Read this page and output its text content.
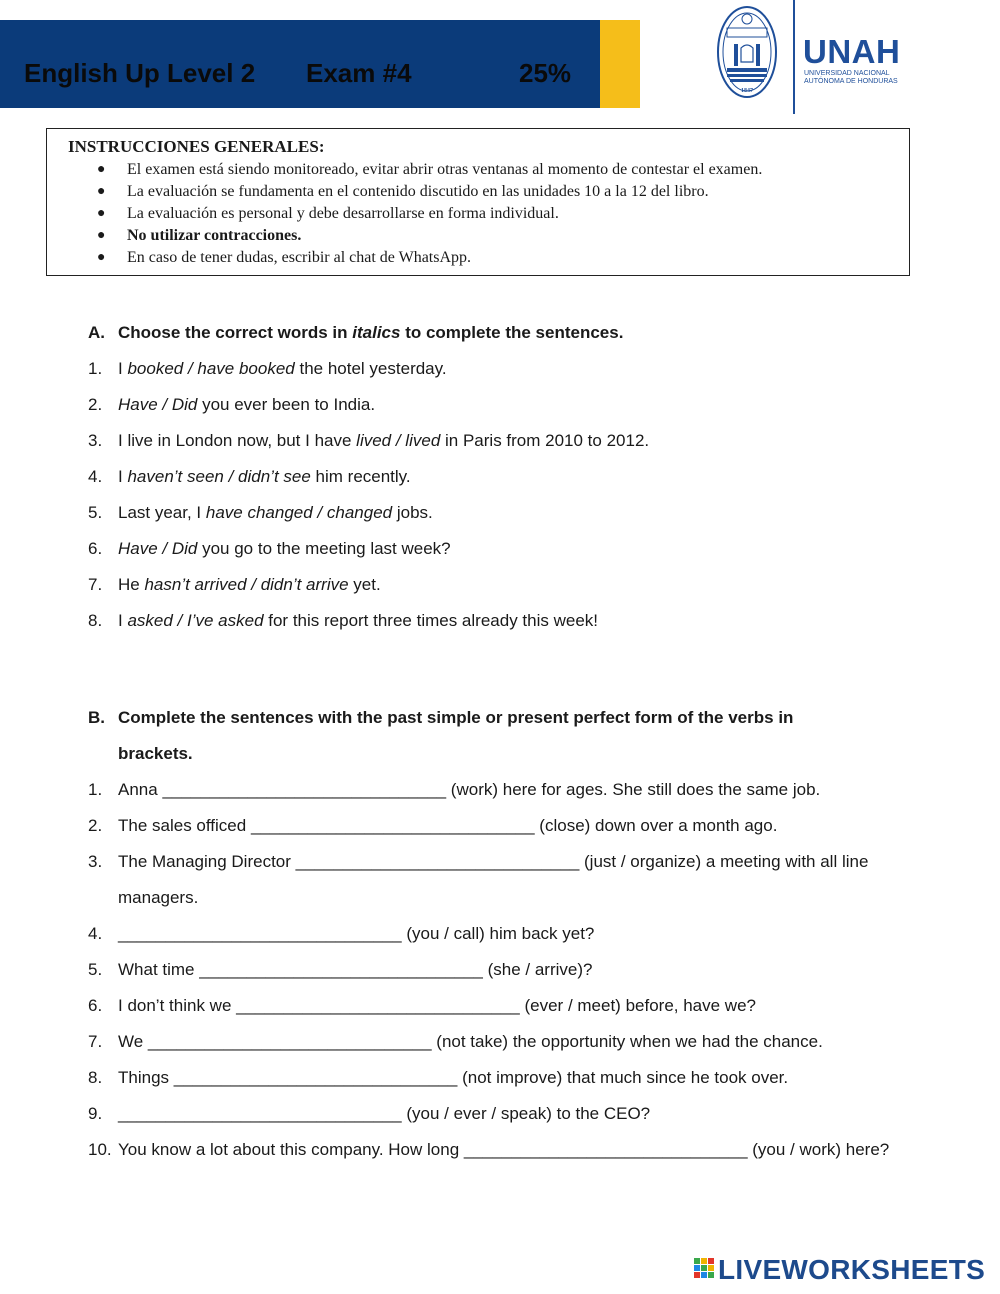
English Up Level 2 Exam #4	25%
1847
UNAH
UNIVERSIDAD NACIONAL
AUTÓNOMA DE HONDURAS
INSTRUCCIONES GENERALES:
● El examen está siendo monitoreado, evitar abrir otras ventanas al momento de contestar el examen.
● La evaluación se fundamenta en el contenido discutido en las unidades 10 a la 12 del libro.
● La evaluación es personal y debe desarrollarse en forma individual.
● No utilizar contracciones.
● En caso de tener dudas, escribir al chat de WhatsApp.
A. Choose the correct words in italics to complete the sentences.
1. I booked / have booked the hotel yesterday.
2. Have / Did you ever been to India.
3. I live in London now, but I have lived / lived in Paris from 2010 to 2012.
4. I haven’t seen / didn’t see him recently.
5. Last year, I have changed / changed jobs.
6. Have / Did you go to the meeting last week?
7. He hasn’t arrived / didn’t arrive yet.
8. I asked / I’ve asked for this report three times already this week!
B. Complete the sentences with the past simple or present perfect form of the verbs in
brackets.
1. Anna ______________________________ (work) here for ages. She still does the same job.
2. The sales officed ______________________________ (close) down over a month ago.
3. The Managing Director ______________________________ (just / organize) a meeting with all line
managers.
4. ______________________________ (you / call) him back yet?
5. What time ______________________________ (she / arrive)?
6. I don’t think we ______________________________ (ever / meet) before, have we?
7. We ______________________________ (not take) the opportunity when we had the chance.
8. Things ______________________________ (not improve) that much since he took over.
9. ______________________________ (you / ever / speak) to the CEO?
10. You know a lot about this company. How long ______________________________ (you / work) here?
LIVEWORKSHEETS
